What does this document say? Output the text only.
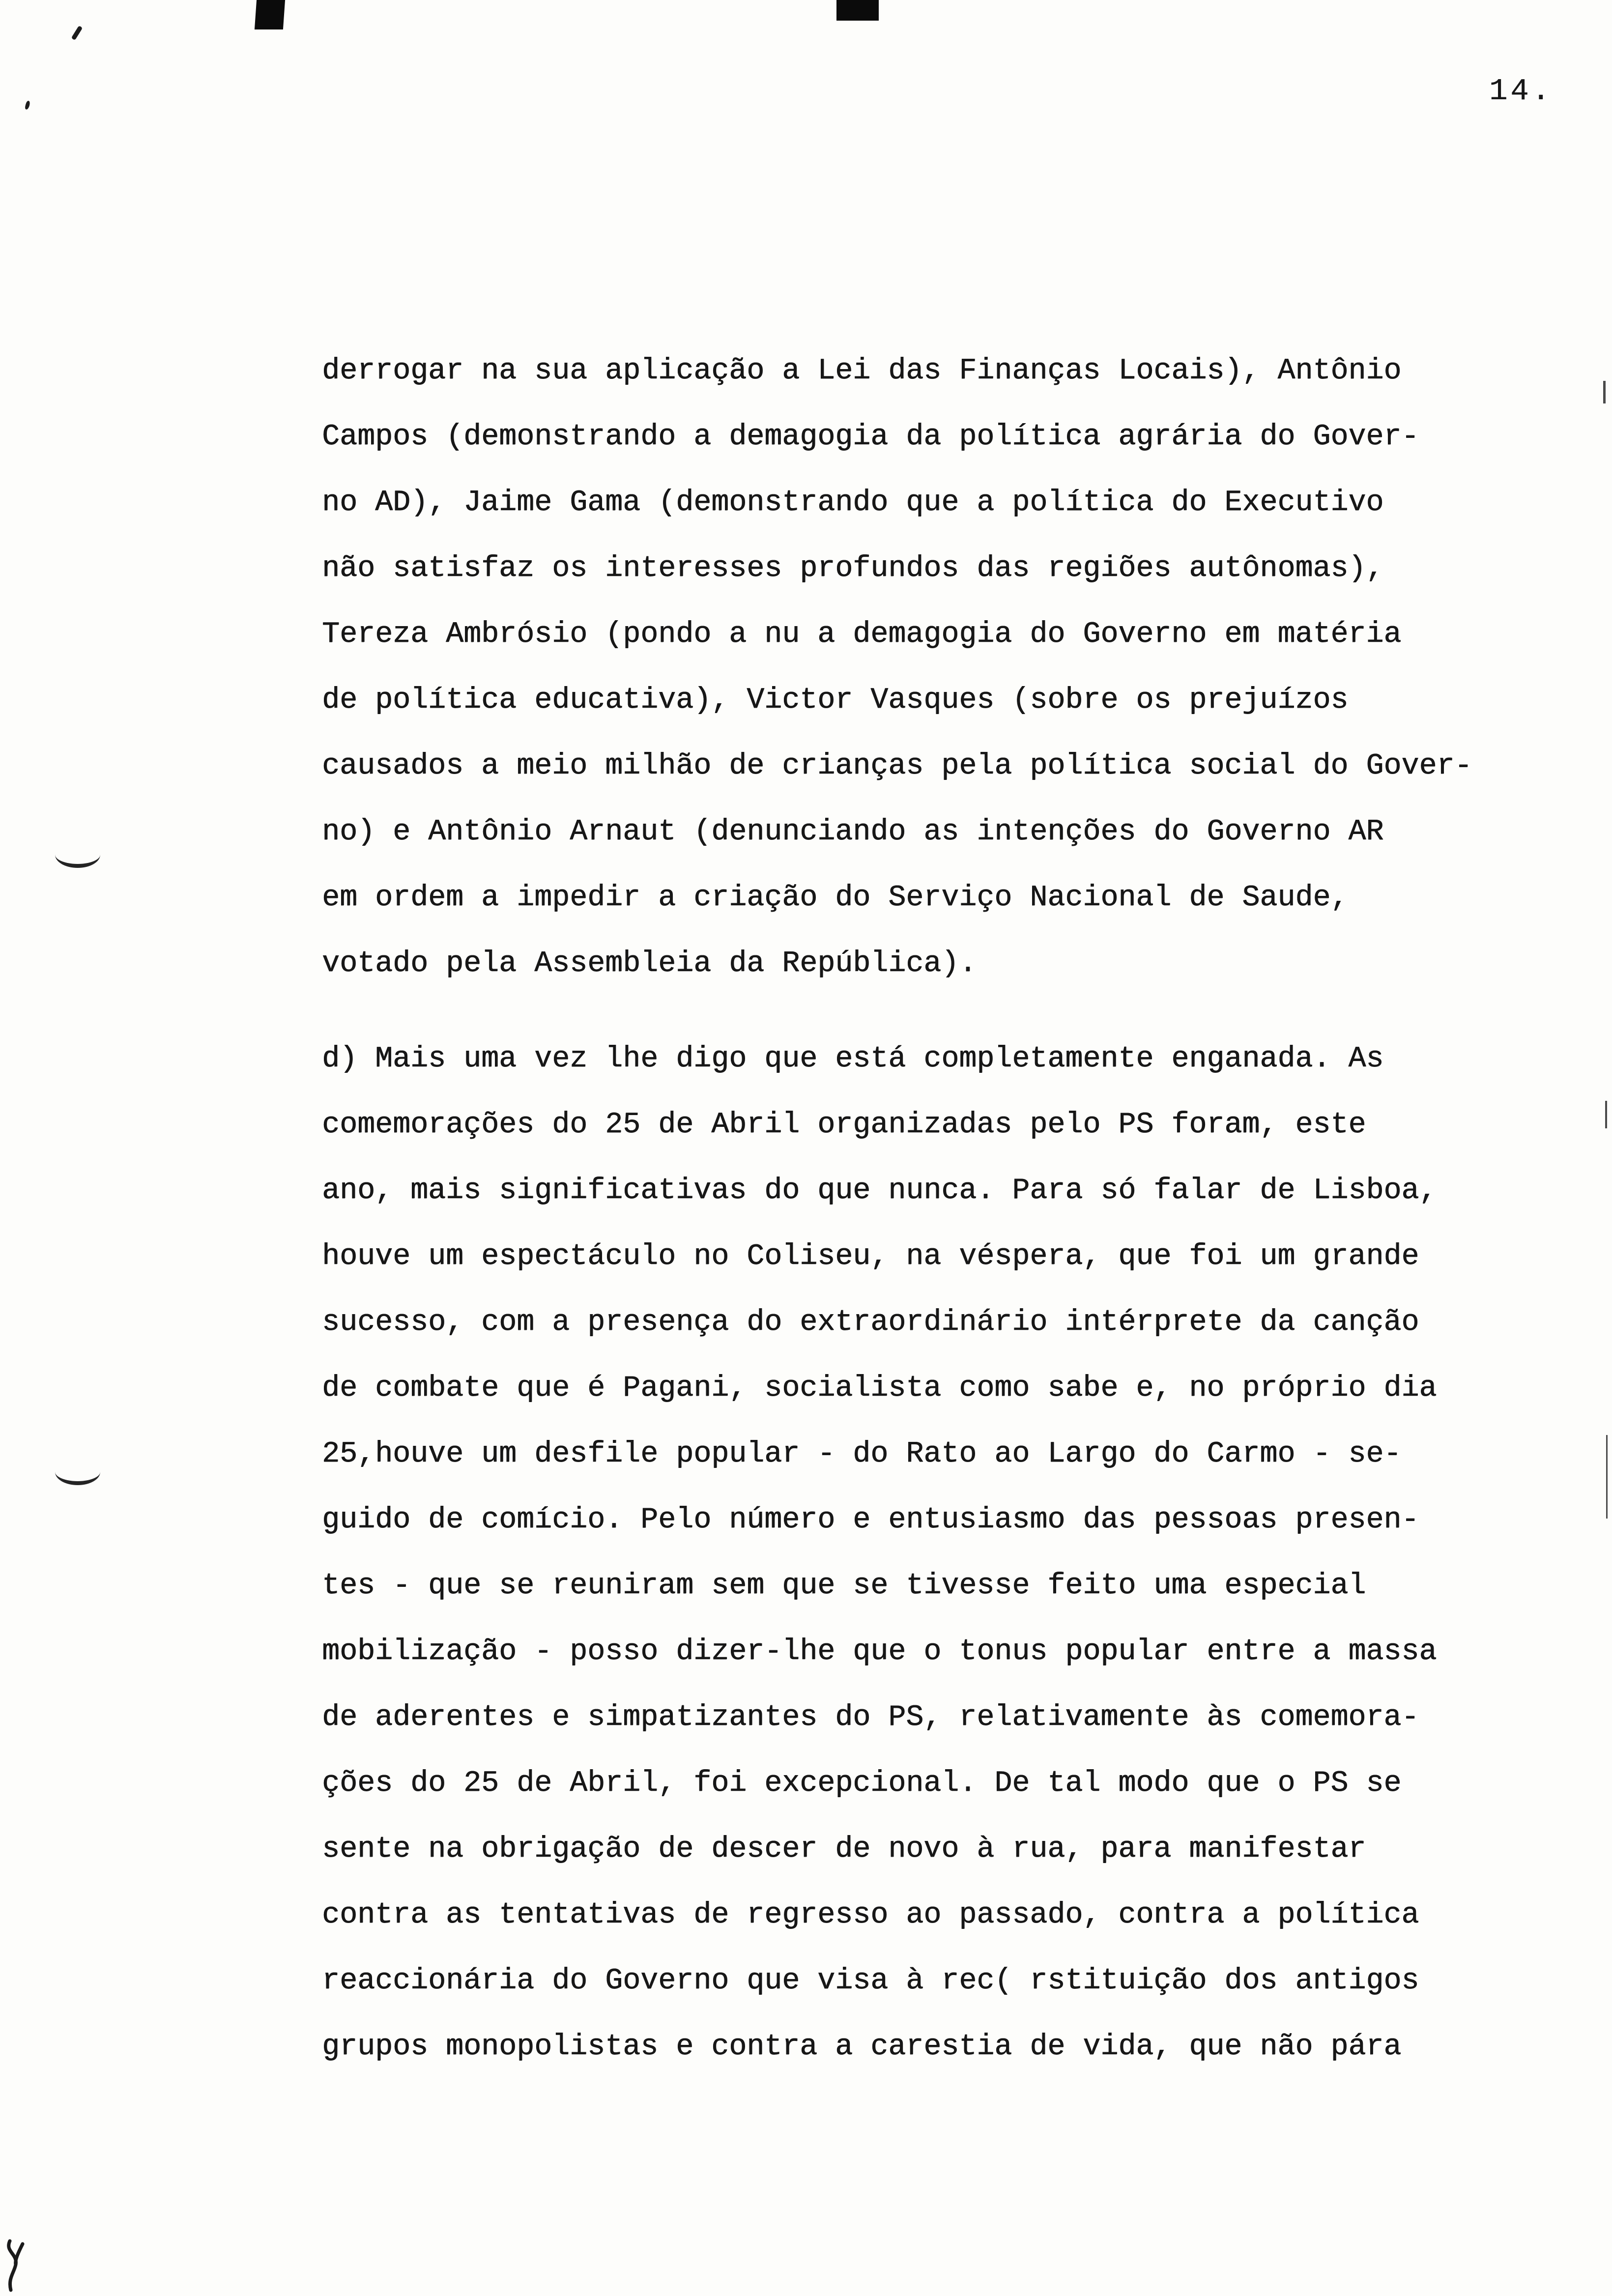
14.
derrogar na sua aplicação a Lei das Finanças Locais), Antônio
Campos (demonstrando a demagogia da política agrária do Gover-
no AD), Jaime Gama (demonstrando que a política do Executivo
não satisfaz os interesses profundos das regiões autônomas),
Tereza Ambrósio (pondo a nu a demagogia do Governo em matéria
de política educativa), Victor Vasques (sobre os prejuízos
causados a meio milhão de crianças pela política social do Gover-
no) e Antônio Arnaut (denunciando as intenções do Governo AR
em ordem a impedir a criação do Serviço Nacional de Saude,
votado pela Assembleia da República).
d) Mais uma vez lhe digo que está completamente enganada. As
comemorações do 25 de Abril organizadas pelo PS foram, este
ano, mais significativas do que nunca. Para só falar de Lisboa,
houve um espectáculo no Coliseu, na véspera, que foi um grande
sucesso, com a presença do extraordinário intérprete da canção
de combate que é Pagani, socialista como sabe e, no próprio dia
25,houve um desfile popular - do Rato ao Largo do Carmo - se-
guido de comício. Pelo número e entusiasmo das pessoas presen-
tes - que se reuniram sem que se tivesse feito uma especial
mobilização - posso dizer-lhe que o tonus popular entre a massa
de aderentes e simpatizantes do PS, relativamente às comemora-
ções do 25 de Abril, foi excepcional. De tal modo que o PS se
sente na obrigação de descer de novo à rua, para manifestar
contra as tentativas de regresso ao passado, contra a política
reaccionária do Governo que visa à rec( rstituição dos antigos
grupos monopolistas e contra a carestia de vida, que não pára
